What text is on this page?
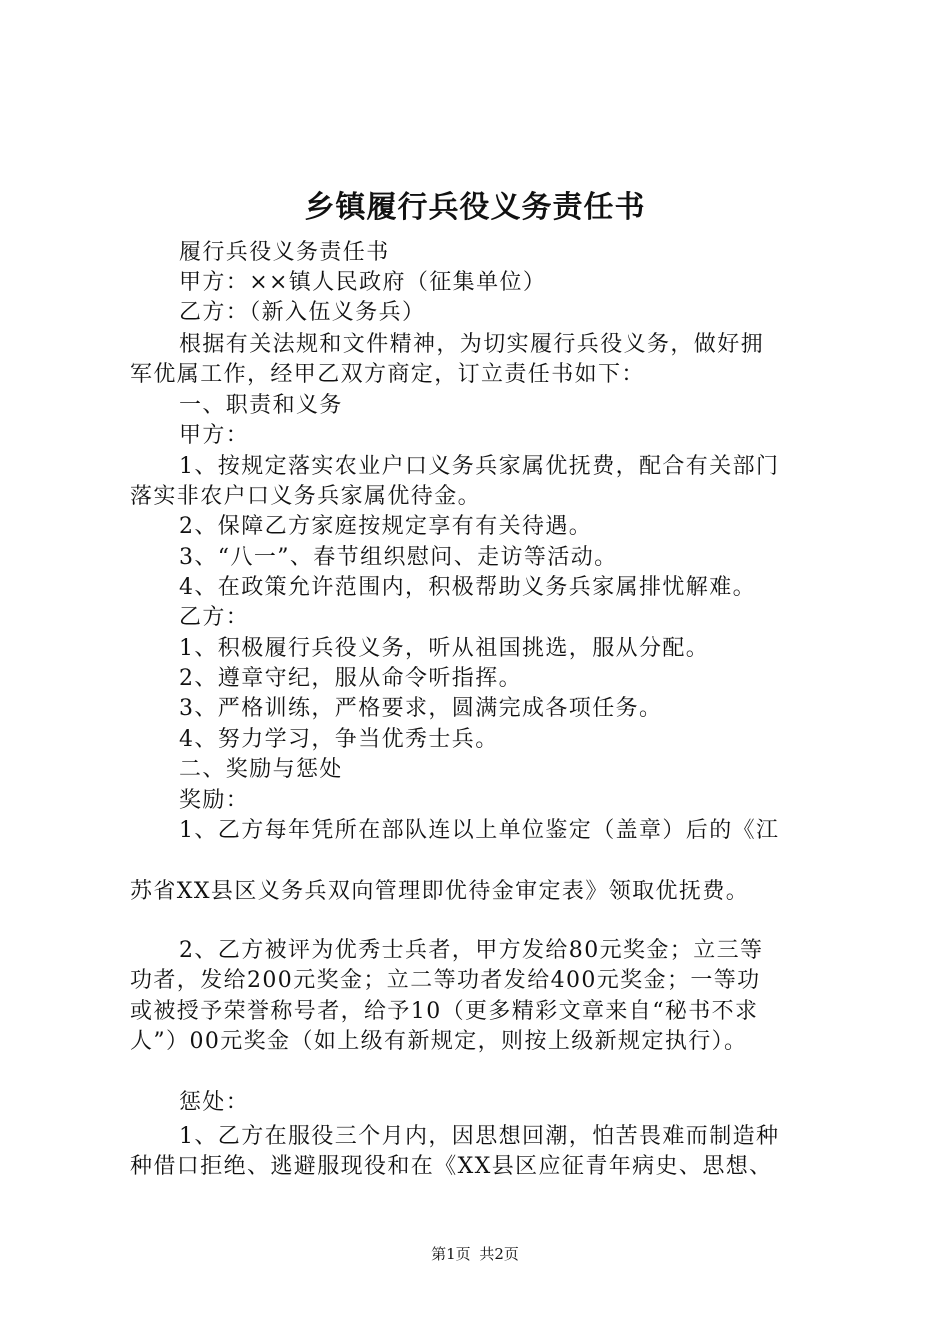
乡镇履行兵役义务责任书
履行兵役义务责任书
甲方：××镇人民政府（征集单位）
乙方：（新入伍义务兵）
根据有关法规和文件精神，为切实履行兵役义务，做好拥
军优属工作，经甲乙双方商定，订立责任书如下：
一、职责和义务
甲方：
1、按规定落实农业户口义务兵家属优抚费，配合有关部门
落实非农户口义务兵家属优待金。
2、保障乙方家庭按规定享有有关待遇。
3、“八一”、春节组织慰问、走访等活动。
4、在政策允许范围内，积极帮助义务兵家属排忧解难。
乙方：
1、积极履行兵役义务，听从祖国挑选，服从分配。
2、遵章守纪，服从命令听指挥。
3、严格训练，严格要求，圆满完成各项任务。
4、努力学习，争当优秀士兵。
二、奖励与惩处
奖励：
1、乙方每年凭所在部队连以上单位鉴定（盖章）后的《江
苏省XX县区义务兵双向管理即优待金审定表》领取优抚费。
2、乙方被评为优秀士兵者，甲方发给80元奖金；立三等
功者，发给200元奖金；立二等功者发给400元奖金；一等功
或被授予荣誉称号者，给予10（更多精彩文章来自“秘书不求
人”）00元奖金（如上级有新规定，则按上级新规定执行）。
惩处：
1、乙方在服役三个月内，因思想回潮，怕苦畏难而制造种
种借口拒绝、逃避服现役和在《XX县区应征青年病史、思想、
第1页 共2页
